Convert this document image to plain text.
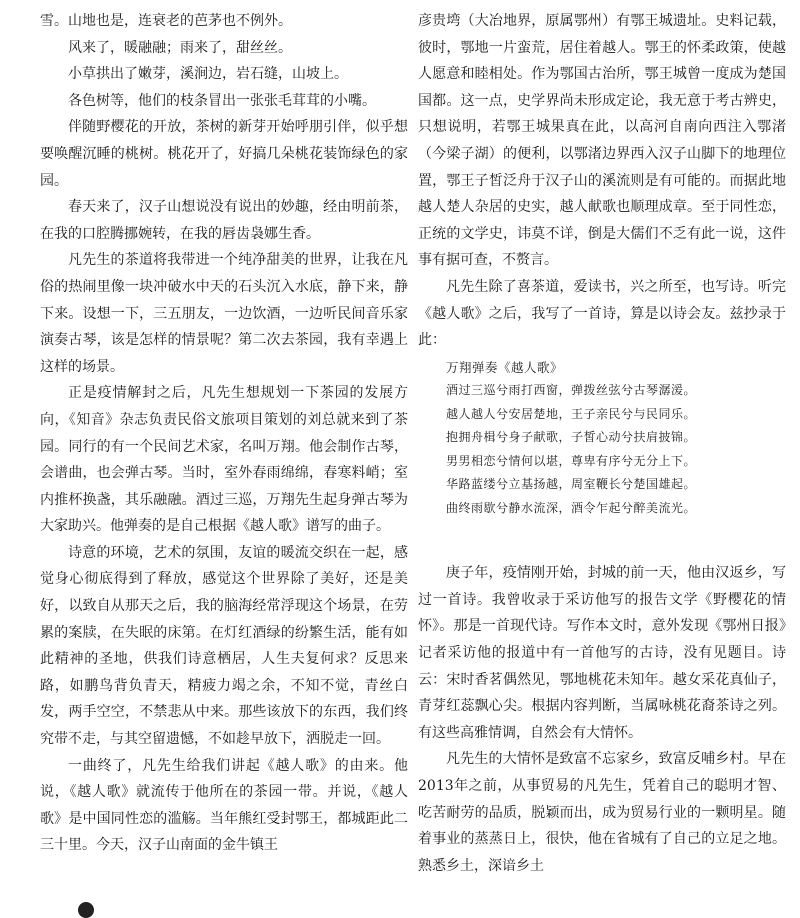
雪。山地也是，连衰老的芭茅也不例外。

风来了，暖融融；雨来了，甜丝丝。

小草拱出了嫩芽，溪涧边，岩石缝，山坡上。

各色树等，他们的枝条冒出一张张毛茸茸的小嘴。

伴随野樱花的开放，茶树的新芽开始呼朋引伴，似乎想要唤醒沉睡的桃树。桃花开了，好搞几朵桃花装饰绿色的家园。

春天来了，汉子山想说没有说出的妙趣，经由明前茶，在我的口腔腾挪婉转，在我的唇齿袅娜生香。

凡先生的茶道将我带进一个纯净甜美的世界，让我在凡俗的热闹里像一块冲破水中天的石头沉入水底，静下来，静下来。设想一下，三五朋友，一边饮酒，一边听民间音乐家演奏古琴，该是怎样的情景呢？第二次去茶园，我有幸遇上这样的场景。

正是疫情解封之后，凡先生想规划一下茶园的发展方向，《知音》杂志负责民俗文旅项目策划的刘总就来到了茶园。同行的有一个民间艺术家，名叫万翔。他会制作古琴，会谱曲，也会弹古琴。当时，室外春雨绵绵，春寒料峭；室内推杯换盏，其乐融融。酒过三巡，万翔先生起身弹古琴为大家助兴。他弹奏的是自己根据《越人歌》谱写的曲子。

诗意的环境，艺术的氛围，友谊的暖流交织在一起，感觉身心彻底得到了释放，感觉这个世界除了美好，还是美好，以致自从那天之后，我的脑海经常浮现这个场景，在劳累的案牍，在失眠的床第。在灯红酒绿的纷繁生活，能有如此精神的圣地，供我们诗意栖居，人生夫复何求？反思来路，如鹏鸟背负青天，精疲力竭之余，不知不觉，青丝白发，两手空空，不禁悲从中来。那些该放下的东西，我们终究带不走，与其空留遗憾，不如趁早放下，洒脱走一回。

一曲终了，凡先生给我们讲起《越人歌》的由来。他说，《越人歌》就流传于他所在的茶园一带。并说，《越人歌》是中国同性恋的滥觞。当年熊红受封鄂王，都城距此二三十里。今天，汉子山南面的金牛镇王

彦贵塆（大冶地界，原属鄂州）有鄂王城遗址。史料记载，彼时，鄂地一片蛮荒，居住着越人。鄂王的怀柔政策，使越人愿意和睦相处。作为鄂国古治所，鄂王城曾一度成为楚国国都。这一点，史学界尚未形成定论，我无意于考古辨史，只想说明，若鄂王城果真在此，以高河自南向西注入鄂渚（今梁子湖）的便利，以鄂渚边界西入汉子山脚下的地理位置，鄂王子皙泛舟于汉子山的溪流则是有可能的。而据此地越人楚人杂居的史实，越人献歌也顺理成章。至于同性恋，正统的文学史，讳莫不详，倒是大儒们不乏有此一说，这件事有据可查，不赘言。

凡先生除了喜茶道，爱读书，兴之所至，也写诗。听完《越人歌》之后，我写了一首诗，算是以诗会友。兹抄录于此：

万翔弹奏《越人歌》
酒过三巡兮雨打西窗，弹拨丝弦兮古琴潺湲。
越人越人兮安居楚地，王子亲民兮与民同乐。
抱拥舟楫兮身子献歌，子皙心动兮扶肩披锦。
男男相恋兮情何以堪，尊卑有序兮无分上下。
华路蓝缕兮立基扬越，周室鞭长兮楚国雄起。
曲终雨歇兮静水流深，酒令乍起兮醉美流光。

庚子年，疫情刚开始，封城的前一天，他由汉返乡，写过一首诗。我曾收录于采访他写的报告文学《野樱花的情怀》。那是一首现代诗。写作本文时，意外发现《鄂州日报》记者采访他的报道中有一首他写的古诗，没有见题目。诗云：宋时香茗偶然见，鄂地桃花未知年。越女采花真仙子，青芽红蕊飘心尖。根据内容判断，当属咏桃花裔茶诗之列。有这些高雅情调，自然会有大情怀。

凡先生的大情怀是致富不忘家乡，致富反哺乡村。早在2013年之前，从事贸易的凡先生，凭着自己的聪明才智、吃苦耐劳的品质，脱颖而出，成为贸易行业的一颗明星。随着事业的蒸蒸日上，很快，他在省城有了自己的立足之地。熟悉乡土，深谙乡土
